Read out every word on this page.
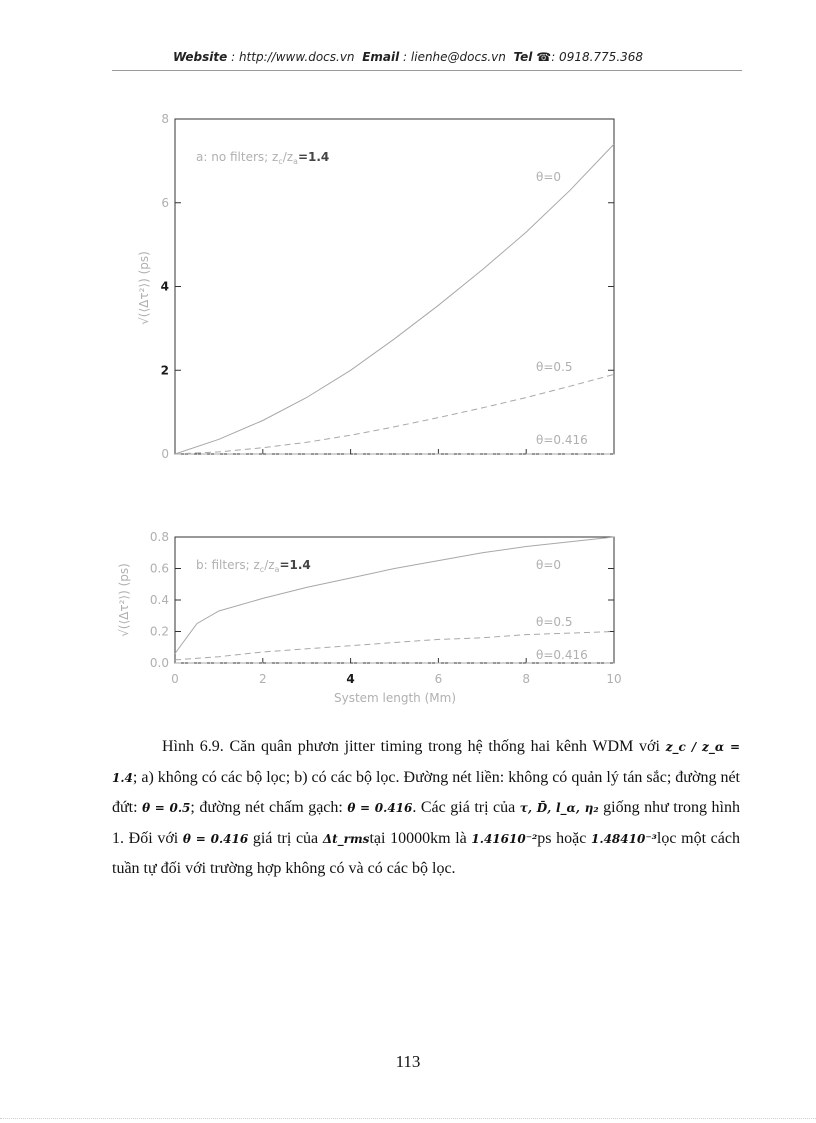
Website : http://www.docs.vn Email : lienhe@docs.vn Tel ☎: 0918.775.368
0
2
4
6
8
√(⟨Δτ²⟩) (ps)
a: no filters; $z_c/z_a=1.4$
θ=0
θ=0.5
θ=0.416
0.0
0.2
0.4
0.6
0.8
0	2	4	6	8	10
√(⟨Δτ²⟩) (ps)
System length (Mm)
b: filters; $z_c/z_a=1.4$	θ=0
θ=0.5
θ=0.416

Hình 6.9. Căn quân phươn jitter timing trong hệ thống hai kênh WDM với z_c / z_α = 1.4; a) không có các bộ lọc; b) có các bộ lọc. Đường nét liền: không có quản lý tán sắc; đường nét đứt: θ = 0.5; đường nét chấm gạch: θ = 0.416. Các giá trị của τ, D̄, l_α, η₂ giống như trong hình 1. Đối với θ = 0.416 giá trị của Δt_rmstại 10000km là 1.41610⁻²ps hoặc 1.48410⁻³lọc một cách tuần tự đối với trường hợp không có và có các bộ lọc.

113
